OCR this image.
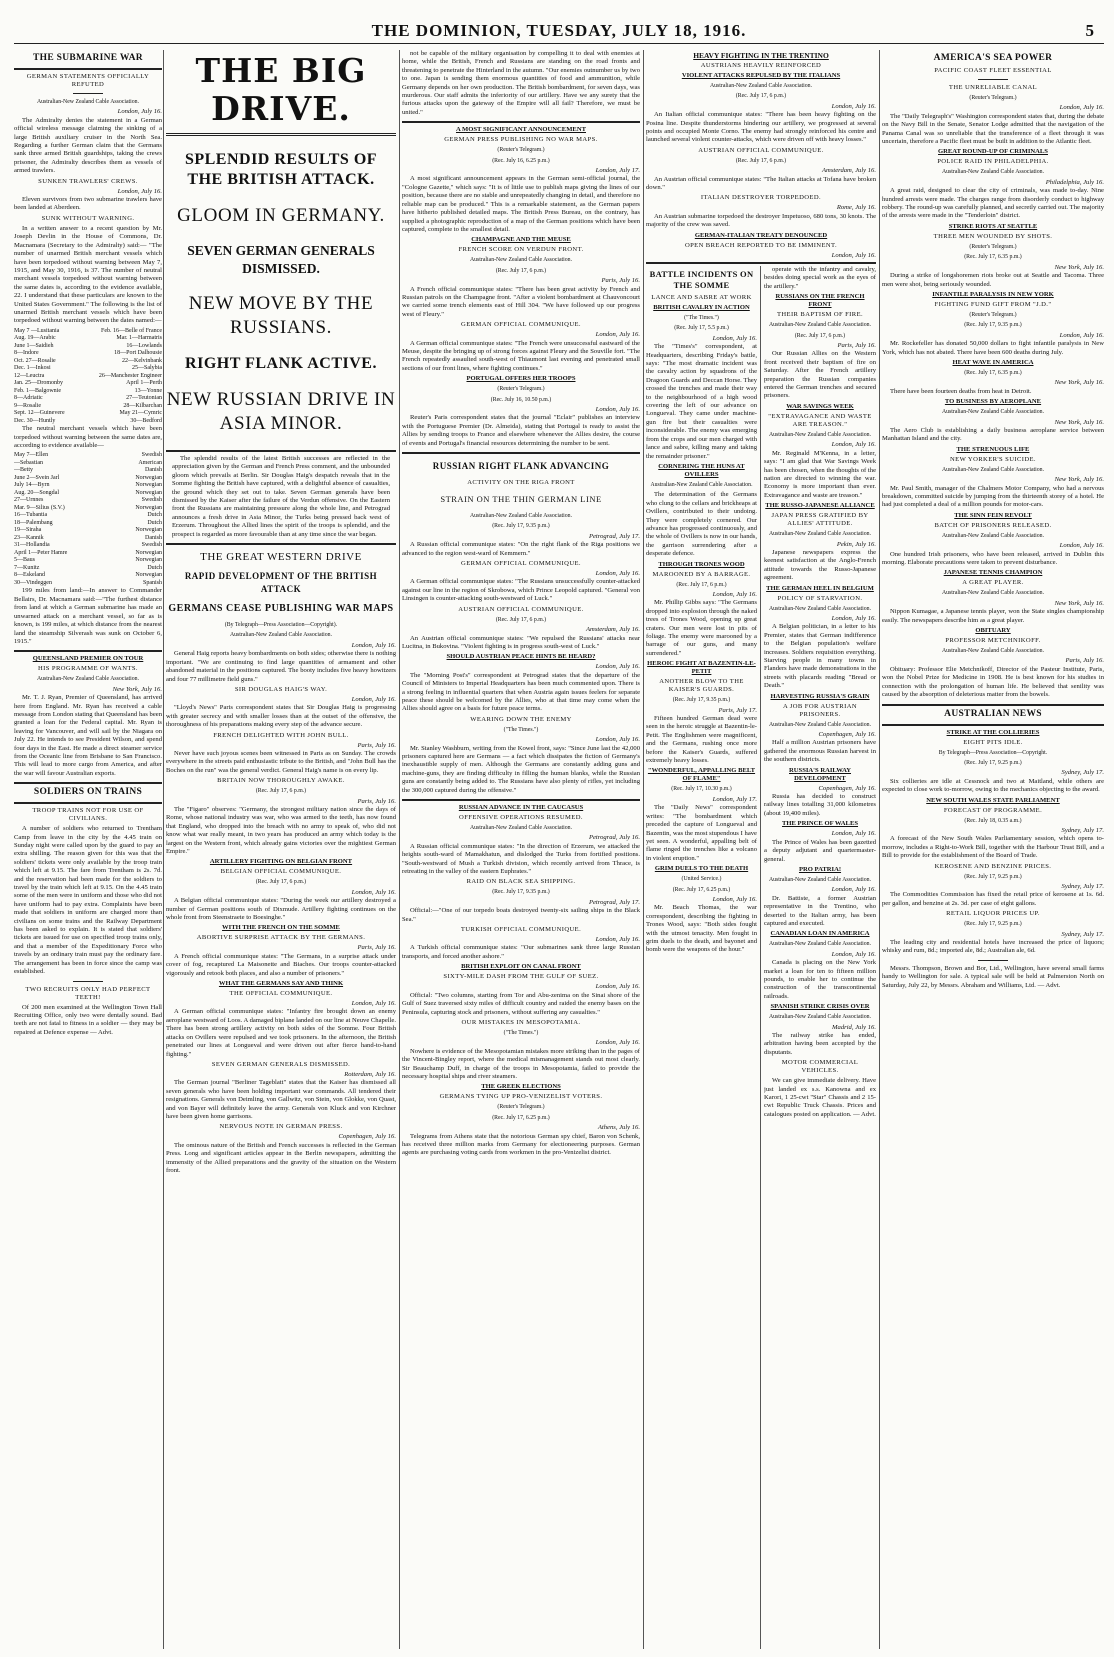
THE DOMINION, TUESDAY, JULY 18, 1916.	5
THE SUBMARINE WAR
GERMAN STATEMENTS OFFICIALLY REFUTED
Australian-New Zealand Cable Association.
London, July 16.
The Admiralty denies the statement in a German official wireless message claiming the sinking of a large British auxiliary cruiser in the North Sea. Regarding a further German claim that the Germans sank three armed British guardships, taking the crews prisoner, the Admiralty describes them as vessels of armed trawlers.
SUNKEN TRAWLERS' CREWS.
London, July 16.
Eleven survivors from two submarine trawlers have been landed at Aberdeen.
SUNK WITHOUT WARNING.
In a written answer to a recent question by Mr. Joseph Devlin in the House of Commons, Dr. Macnamara (Secretary to the Admiralty) said:— "The number of unarmed British merchant vessels which have been torpedoed without warning between May 7, 1915, and May 30, 1916, is 37. The number of neutral merchant vessels torpedoed without warning between the same dates is, according to the evidence available, 22. I understand that these particulars are known to the United States Government." The following is the list of unarmed British merchant vessels which have been torpedoed without warning between the dates named:—
May 7 —Lusitania	Feb. 16—Belle of France
Aug. 19—Arabic	Mar. 1—Harmatris
June 1—Saidieh	16—Lowlands
8—Indore	18—Port Dalhousie
Oct. 27—Rosalie	22—Kelvinbank
Dec. 1—Inkosi	25—Salybia
12—Leuctra	26—Manchester Engineer
Jan. 25—Dromonby	April 1—Perth
Feb. 1—Balgownie	13—Yonne
8—Adriatic	27—Teutonian
9—Rosalie	28—Kilbarchan
Sept. 12—Guinevere	May 21—Cymric
Dec. 30—Huntly	30—Bedford
The neutral merchant vessels which have been torpedoed without warning between the same dates are, according to evidence available—
May 7—Ellen	Swedish
—Sebastian	American
—Betty	Danish
June 2—Svein Jarl	Norwegian
July 14—Byrn	Norwegian
Aug. 20—Songdal	Norwegian
27—Urnnes	Swedish
Mar. 9—Silius (S.V.)	Norwegian
16—Tubantia	Dutch
18—Palembang	Dutch
19—Siraha	Norwegian
23—Kannik	Danish
31—Hollandia	Swedish
April 1—Peter Hamre	Norwegian
5—Baus	Norwegian
7—Kunitz	Dutch
8—Eskeland	Norwegian
30—Vindeggen	Spanish
199 miles from land:—In answer to Commander Bellairs, Dr. Macnamara said:—"The furthest distance from land at which a German submarine has made an unwarned attack on a merchant vessel, so far as is known, is 199 miles, at which distance from the nearest land the steamship Silverash was sunk on October 6, 1915."
QUEENSLAND PREMIER ON TOUR
HIS PROGRAMME OF WANTS.
Australian-New Zealand Cable Association.
New York, July 16.
Mr. T. J. Ryan, Premier of Queensland, has arrived here from England. Mr. Ryan has received a cable message from London stating that Queensland has been granted a loan for the Federal capital. Mr. Ryan is leaving for Vancouver, and will sail by the Niagara on July 22. He intends to see President Wilson, and spend four days in the East. He made a direct steamer service from the Oceanic line from Brisbane to San Francisco. This will lead to more cargo from America, and after the war will favour Australian exports.
SOLDIERS ON TRAINS
TROOP TRAINS NOT FOR USE OF CIVILIANS.
A number of soldiers who returned to Trentham Camp from leave in the city by the 4.45 train on Sunday night were called upon by the guard to pay an extra shilling. The reason given for this was that the soldiers' tickets were only available by the troop train which left at 9.15. The fare from Trentham is 2s. 7d. and the reservation had been made for the soldiers to travel by the train which left at 9.15. On the 4.45 train some of the men were in uniform and those who did not have uniform had to pay extra. Complaints have been made that soldiers in uniform are charged more than civilians on some trains and the Railway Department has been asked to explain. It is stated that soldiers' tickets are issued for use on specified troop trains only, and that a member of the Expeditionary Force who travels by an ordinary train must pay the ordinary fare. The arrangement has been in force since the camp was established.
TWO RECRUITS ONLY HAD PERFECT TEETH!
Of 200 men examined at the Wellington Town Hall Recruiting Office, only two were dentally sound. Bad teeth are not fatal to fitness in a soldier — they may be repaired at Defence expense — Advt.
THE BIG DRIVE.
SPLENDID RESULTS OF THE BRITISH ATTACK.
GLOOM IN GERMANY.
SEVEN GERMAN GENERALS DISMISSED.
NEW MOVE BY THE RUSSIANS.
RIGHT FLANK ACTIVE.
NEW RUSSIAN DRIVE IN ASIA MINOR.
The splendid results of the latest British successes are reflected in the appreciation given by the German and French Press comment, and the unbounded gloom which prevails at Berlin. Sir Douglas Haig's despatch reveals that in the Somme fighting the British have captured, with a delightful absence of casualties, the ground which they set out to take. Seven German generals have been dismissed by the Kaiser after the failure of the Verdun offensive. On the Eastern front the Russians are maintaining pressure along the whole line, and Petrograd announces a fresh drive in Asia Minor, the Turks being pressed back west of Erzerum. Throughout the Allied lines the spirit of the troops is splendid, and the prospect is regarded as more favourable than at any time since the war began.
THE GREAT WESTERN DRIVE
RAPID DEVELOPMENT OF THE BRITISH ATTACK
GERMANS CEASE PUBLISHING WAR MAPS
(By Telegraph—Press Association—Copyright).
Australian-New Zealand Cable Association.
London, July 16.
General Haig reports heavy bombardments on both sides; otherwise there is nothing important. "We are continuing to find large quantities of armament and other abandoned material in the positions captured. The booty includes five heavy howitzers and four 77 millimetre field guns."
SIR DOUGLAS HAIG'S WAY.
London, July 16.
"Lloyd's News" Paris correspondent states that Sir Douglas Haig is progressing with greater secrecy and with smaller losses than at the outset of the offensive, the thoroughness of his preparations making every step of the advance secure.
FRENCH DELIGHTED WITH JOHN BULL.
Paris, July 16.
Never have such joyous scenes been witnessed in Paris as on Sunday. The crowds everywhere in the streets paid enthusiastic tribute to the British, and "John Bull has the Boches on the run" was the general verdict. General Haig's name is on every lip.
BRITAIN NOW THOROUGHLY AWAKE.
(Rec. July 17, 6 p.m.)
Paris, July 16.
The "Figaro" observes: "Germany, the strongest military nation since the days of Rome, whose national industry was war, who was armed to the teeth, has now found that England, who dropped into the breach with no army to speak of, who did not know what war really meant, in two years has produced an army which today is the largest on the Western front, which already gains victories over the mightiest German Empire."
ARTILLERY FIGHTING ON BELGIAN FRONT
BELGIAN OFFICIAL COMMUNIQUE.
(Rec. July 17, 6 p.m.)
London, July 16.
A Belgian official communique states: "During the week our artillery destroyed a number of German positions south of Dixmude. Artillery fighting continues on the whole front from Steenstraete to Boesinghe."
WITH THE FRENCH ON THE SOMME
ABORTIVE SURPRISE ATTACK BY THE GERMANS.
Paris, July 16.
A French official communique states: "The Germans, in a surprise attack under cover of fog, recaptured La Maisonette and Biaches. Our troops counter-attacked vigorously and retook both places, and also a number of prisoners."
WHAT THE GERMANS SAY AND THINK
THE OFFICIAL COMMUNIQUE.
London, July 16.
A German official communique states: "Infantry fire brought down an enemy aeroplane westward of Loos. A damaged biplane landed on our line at Neuve Chapelle. There has been strong artillery activity on both sides of the Somme. Four British attacks on Ovillers were repulsed and we took prisoners. In the afternoon, the British penetrated our lines at Longueval and were driven out after fierce hand-to-hand fighting."
SEVEN GERMAN GENERALS DISMISSED.
Rotterdam, July 16.
The German journal "Berliner Tageblatt" states that the Kaiser has dismissed all seven generals who have been holding important war commands. All tendered their resignations. Generals von Deimling, von Gallwitz, von Stein, von Glokke, von Quast, and von Bayer will definitely leave the army. Generals von Kluck and von Kirchner have been given home garrisons.
NERVOUS NOTE IN GERMAN PRESS.
Copenhagen, July 16.
The ominous nature of the British and French successes is reflected in the German Press. Long and significant articles appear in the Berlin newspapers, admitting the immensity of the Allied preparations and the gravity of the situation on the Western front.
not be capable of the military organisation by compelling it to deal with enemies at home, while the British, French and Russians are standing on the road fronts and threatening to penetrate the Hinterland in the autumn. "Our enemies outnumber us by two to one. Japan is sending them enormous quantities of food and ammunition, while Germany depends on her own production. The British bombardment, for seven days, was murderous. Our staff admits the inferiority of our artillery. Have we any surety that the furious attacks upon the gateway of the Empire will all fail? Therefore, we must be united."
A MOST SIGNIFICANT ANNOUNCEMENT
GERMAN PRESS PUBLISHING NO WAR MAPS.
(Reuter's Telegram.)
(Rec. July 16, 6.25 p.m.)
London, July 17.
A most significant announcement appears in the German semi-official journal, the "Cologne Gazette," which says: "It is of little use to publish maps giving the lines of our position, because there are no stable and unrepeatedly changing in detail, and therefore no reliable map can be produced." This is a remarkable statement, as the German papers have hitherto published detailed maps. The British Press Bureau, on the contrary, has supplied a photographic reproduction of a map of the German positions which have been captured, complete to the smallest detail.
CHAMPAGNE AND THE MEUSE
FRENCH SCORE ON VERDUN FRONT.
Australian-New Zealand Cable Association.
(Rec. July 17, 6 p.m.)
Paris, July 16.
A French official communique states: "There has been great activity by French and Russian patrols on the Champagne front. "After a violent bombardment at Chauvoncourt we carried some trench elements east of Hill 304. "We have followed up our progress west of Fleury."
GERMAN OFFICIAL COMMUNIQUE.
London, July 16.
A German official communique states: "The French were unsuccessful eastward of the Meuse, despite the bringing up of strong forces against Fleury and the Souville fort. "The French repeatedly assaulted south-west of Thiaumont last evening and penetrated small sections of our front lines, where fighting continues."
PORTUGAL OFFERS HER TROOPS
(Reuter's Telegram.)
(Rec. July 16, 10.50 p.m.)
London, July 16.
Reuter's Paris correspondent states that the journal "Eclair" publishes an interview with the Portuguese Premier (Dr. Almeida), stating that Portugal is ready to assist the Allies by sending troops to France and elsewhere whenever the Allies desire, the course of events and Portugal's financial resources determining the number to be sent.
RUSSIAN RIGHT FLANK ADVANCING
ACTIVITY ON THE RIGA FRONT
STRAIN ON THE THIN GERMAN LINE
Australian-New Zealand Cable Association.
(Rec. July 17, 9.35 p.m.)
Petrograd, July 17.
A Russian official communique states: "On the right flank of the Riga positions we advanced to the region west-ward of Kemmern."
GERMAN OFFICIAL COMMUNIQUE.
London, July 16.
A German official communique states: "The Russians unsuccessfully counter-attacked against our line in the region of Skrobowa, which Prince Leopold captured. "General von Linsingen is counter-attacking south-westward of Luck."
AUSTRIAN OFFICIAL COMMUNIQUE.
(Rec. July 17, 6 p.m.)
Amsterdam, July 16.
An Austrian official communique states: "We repulsed the Russians' attacks near Lucitna, in Bukovina. "Violent fighting is in progress south-west of Luck."
SHOULD AUSTRIAN PEACE HINTS BE HEARD?
London, July 16.
The "Morning Post's" correspondent at Petrograd states that the departure of the Council of Ministers to Imperial Headquarters has been much commented upon. There is a strong feeling in influential quarters that when Austria again issues feelers for separate peace these should be welcomed by the Allies, who at that time may come when the Allies should agree on a basis for future peace terms.
WEARING DOWN THE ENEMY
("The Times.")
London, July 16.
Mr. Stanley Washburn, writing from the Kowel front, says: "Since June last the 42,000 prisoners captured here are Germans — a fact which dissipates the fiction of Germany's inexhaustible supply of men. Although the Germans are constantly adding guns and machine-guns, they are finding difficulty in filling the human blanks, while the Russian guns are constantly being added to. The Russians have also plenty of rifles, yet including the 300,000 captured during the offensive."
RUSSIAN ADVANCE IN THE CAUCASUS
OFFENSIVE OPERATIONS RESUMED.
Australian-New Zealand Cable Association.
Petrograd, July 16.
A Russian official communique states: "In the direction of Erzerum, we attacked the heights south-ward of Mamakhatun, and dislodged the Turks from fortified positions. "South-westward of Mush a Turkish division, which recently arrived from Thrace, is retreating in the valley of the eastern Euphrates."
RAID ON BLACK SEA SHIPPING.
(Rec. July 17, 9.35 p.m.)
Petrograd, July 17.
Official:—"One of our torpedo boats destroyed twenty-six sailing ships in the Black Sea."
TURKISH OFFICIAL COMMUNIQUE.
London, July 16.
A Turkish official communique states: "Our submarines sank three large Russian transports, and forced another ashore."
BRITISH EXPLOIT ON CANAL FRONT
SIXTY-MILE DASH FROM THE GULF OF SUEZ.
London, July 16.
Official: "Two columns, starting from Tor and Abu-zenima on the Sinai shore of the Gulf of Suez traversed sixty miles of difficult country and raided the enemy bases on the Peninsula, capturing stock and prisoners, without suffering any casualties."
OUR MISTAKES IN MESOPOTAMIA.
("The Times.")
London, July 16.
Nowhere is evidence of the Mesopotamian mistakes more striking than in the pages of the Vincent-Bingley report, where the medical mismanagement stands out most clearly. Sir Beauchamp Duff, in charge of the troops in Mesopotamia, failed to provide the necessary hospital ships and river steamers.
THE GREEK ELECTIONS
GERMANS TYING UP PRO-VENIZELIST VOTERS.
(Reuter's Telegram.)
(Rec. July 17, 6.25 p.m.)
Athens, July 16.
Telegrams from Athens state that the notorious German spy chief, Baron von Schenk, has received three million marks from Germany for electioneering purposes. German agents are purchasing voting cards from workmen in the pro-Venizelist district.
HEAVY FIGHTING IN THE TRENTINO
AUSTRIANS HEAVILY REINFORCED
VIOLENT ATTACKS REPULSED BY THE ITALIANS
Australian-New Zealand Cable Association.
(Rec. July 17, 6 p.m.)
London, July 16.
An Italian official communique states: "There has been heavy fighting on the Posina line. Despite thunderstorms hindering our artillery, we progressed at several points and occupied Monte Corno. The enemy had strongly reinforced his centre and launched several violent counter-attacks, which were driven off with heavy losses."
AUSTRIAN OFFICIAL COMMUNIQUE.
(Rec. July 17, 6 p.m.)
Amsterdam, July 16.
An Austrian official communique states: "The Italian attacks at Tofana have broken down."
ITALIAN DESTROYER TORPEDOED.
Rome, July 16.
An Austrian submarine torpedoed the destroyer Impetuoso, 680 tons, 30 knots. The majority of the crew was saved.
GERMAN-ITALIAN TREATY DENOUNCED
OPEN BREACH REPORTED TO BE IMMINENT.
London, July 16.
BATTLE INCIDENTS ON THE SOMME
LANCE AND SABRE AT WORK
BRITISH CAVALRY IN ACTION
("The Times.")
(Rec. July 17, 5.5 p.m.)
London, July 16.
The "Times's" correspondent, at Headquarters, describing Friday's battle, says: "The most dramatic incident was the cavalry action by squadrons of the Dragoon Guards and Deccan Horse. They crossed the trenches and made their way to the neighbourhood of a high wood covering the left of our advance on Longueval. They came under machine-gun fire but their casualties were inconsiderable. The enemy was emerging from the crops and our men charged with lance and sabre, killing many and taking the remainder prisoner."
CORNERING THE HUNS AT OVILLERS
Australian-New Zealand Cable Association.
The determination of the Germans who clung to the cellars and brickheaps at Ovillers, contributed to their undoing. They were completely cornered. Our advance has progressed continuously, and the whole of Ovillers is now in our hands, the garrison surrendering after a desperate defence.
THROUGH TRONES WOOD
MAROONED BY A BARRAGE.
(Rec. July 17, 6 p.m.)
London, July 16.
Mr. Phillip Gibbs says: "The Germans dropped into explosion through the naked trees of Trones Wood, opening up great craters. Our men were lost in pits of foliage. The enemy were marooned by a barrage of our guns, and many surrendered."
HEROIC FIGHT AT BAZENTIN-LE-PETIT
ANOTHER BLOW TO THE KAISER'S GUARDS.
(Rec. July 17, 9.35 p.m.)
Paris, July 17.
Fifteen hundred German dead were seen in the heroic struggle at Bazentin-le-Petit. The Englishmen were magnificent, and the Germans, rushing once more before the Kaiser's Guards, suffered extremely heavy losses.
"WONDERFUL, APPALLING BELT OF FLAME"
(Rec. July 17, 10.30 p.m.)
London, July 17.
The "Daily News" correspondent writes: "The bombardment which preceded the capture of Longueval and Bazentin, was the most stupendous I have yet seen. A wonderful, appalling belt of flame ringed the trenches like a volcano in violent eruption."
GRIM DUELS TO THE DEATH
(United Service.)
(Rec. July 17, 6.25 p.m.)
London, July 16.
Mr. Beach Thomas, the war correspondent, describing the fighting in Trones Wood, says: "Both sides fought with the utmost tenacity. Men fought in grim duels to the death, and bayonet and bomb were the weapons of the hour."
operate with the infantry and cavalry, besides doing special work as the eyes of the artillery."
RUSSIANS ON THE FRENCH FRONT
THEIR BAPTISM OF FIRE.
Australian-New Zealand Cable Association.
(Rec. July 17, 6 p.m.)
Paris, July 16.
Our Russian Allies on the Western front received their baptism of fire on Saturday. After the French artillery preparation the Russian companies entered the German trenches and secured prisoners.
WAR SAVINGS WEEK
"EXTRAVAGANCE AND WASTE ARE TREASON."
Australian-New Zealand Cable Association.
London, July 16.
Mr. Reginald M'Kenna, in a letter, says: "I am glad that War Savings Week has been chosen, when the thoughts of the nation are directed to winning the war. Economy is more important than ever. Extravagance and waste are treason."
THE RUSSO-JAPANESE ALLIANCE
JAPAN PRESS GRATIFIED BY ALLIES' ATTITUDE.
Australian-New Zealand Cable Association.
Pekin, July 16.
Japanese newspapers express the keenest satisfaction at the Anglo-French attitude towards the Russo-Japanese agreement.
THE GERMAN HEEL IN BELGIUM
POLICY OF STARVATION.
Australian-New Zealand Cable Association.
London, July 16.
A Belgian politician, in a letter to his Premier, states that German indifference to the Belgian population's welfare increases. Soldiers requisition everything. Starving people in many towns in Flanders have made demonstrations in the streets with placards reading "Bread or Death."
HARVESTING RUSSIA'S GRAIN
A JOB FOR AUSTRIAN PRISONERS.
Australian-New Zealand Cable Association.
Copenhagen, July 16.
Half a million Austrian prisoners have gathered the enormous Russian harvest in the southern districts.
RUSSIA'S RAILWAY DEVELOPMENT
Copenhagen, July 16.
Russia has decided to construct railway lines totalling 31,000 kilometres (about 19,400 miles).
THE PRINCE OF WALES
London, July 16.
The Prince of Wales has been gazetted a deputy adjutant and quartermaster-general.
PRO PATRIA!
Australian-New Zealand Cable Association.
London, July 16.
Dr. Battiste, a former Austrian representative in the Trentino, who deserted to the Italian army, has been captured and executed.
CANADIAN LOAN IN AMERICA
Australian-New Zealand Cable Association.
London, July 16.
Canada is placing on the New York market a loan for ten to fifteen million pounds, to enable her to continue the construction of the transcontinental railroads.
SPANISH STRIKE CRISIS OVER
Australian-New Zealand Cable Association.
Madrid, July 16.
The railway strike has ended, arbitration having been accepted by the disputants.
MOTOR COMMERCIAL VEHICLES.
We can give immediate delivery. Have just landed ex s.s. Kanowna and ex Karori, 1 25-cwt "Star" Chassis and 2 15-cwt Republic Truck Chassis. Prices and catalogues posted on application. — Advt.
AMERICA'S SEA POWER
PACIFIC COAST FLEET ESSENTIAL
THE UNRELIABLE CANAL
(Reuter's Telegram.)
London, July 16.
The "Daily Telegraph's" Washington correspondent states that, during the debate on the Navy Bill in the Senate, Senator Lodge admitted that the navigation of the Panama Canal was so unreliable that the transference of a fleet through it was uncertain, therefore a Pacific fleet must be built in addition to the Atlantic fleet.
GREAT ROUND-UP OF CRIMINALS
POLICE RAID IN PHILADELPHIA.
Australian-New Zealand Cable Association.
Philadelphia, July 16.
A great raid, designed to clear the city of criminals, was made to-day. Nine hundred arrests were made. The charges range from disorderly conduct to highway robbery. The round-up was carefully planned, and secretly carried out. The majority of the arrests were made in the "Tenderloin" district.
STRIKE RIOTS AT SEATTLE
THREE MEN WOUNDED BY SHOTS.
(Reuter's Telegram.)
(Rec. July 17, 6.35 p.m.)
New York, July 16.
During a strike of longshoremen riots broke out at Seattle and Tacoma. Three men were shot, being seriously wounded.
INFANTILE PARALYSIS IN NEW YORK
FIGHTING FUND GIFT FROM "J.D."
(Reuter's Telegram.)
(Rec. July 17, 9.35 p.m.)
London, July 16.
Mr. Rockefeller has donated 50,000 dollars to fight infantile paralysis in New York, which has not abated. There have been 600 deaths during July.
HEAT WAVE IN AMERICA
(Rec. July 17, 6.35 p.m.)
New York, July 16.
There have been fourteen deaths from heat in Detroit.
TO BUSINESS BY AEROPLANE
Australian-New Zealand Cable Association.
New York, July 16.
The Aero Club is establishing a daily business aeroplane service between Manhattan Island and the city.
THE STRENUOUS LIFE
NEW YORKER'S SUICIDE.
Australian-New Zealand Cable Association.
New York, July 16.
Mr. Paul Smith, manager of the Chalmers Motor Company, who had a nervous breakdown, committed suicide by jumping from the thirteenth storey of a hotel. He had just completed a deal of a million pounds for motor-cars.
THE SINN FEIN REVOLT
BATCH OF PRISONERS RELEASED.
Australian-New Zealand Cable Association.
London, July 16.
One hundred Irish prisoners, who have been released, arrived in Dublin this morning. Elaborate precautions were taken to prevent disturbance.
JAPANESE TENNIS CHAMPION
A GREAT PLAYER.
Australian-New Zealand Cable Association.
New York, July 16.
Nippon Kumagae, a Japanese tennis player, won the State singles championship easily. The newspapers describe him as a great player.
OBITUARY
PROFESSOR METCHNIKOFF.
Australian-New Zealand Cable Association.
Paris, July 16.
Obituary: Professor Elie Metchnikoff, Director of the Pasteur Institute, Paris, won the Nobel Prize for Medicine in 1908. He is best known for his studies in connection with the prolongation of human life. He believed that senility was caused by the absorption of deleterious matter from the bowels.
AUSTRALIAN NEWS
STRIKE AT THE COLLIERIES
EIGHT PITS IDLE.
By Telegraph—Press Association—Copyright.
(Rec. July 17, 9.25 p.m.)
Sydney, July 17.
Six collieries are idle at Cessnock and two at Maitland, while others are expected to close work to-morrow, owing to the mechanics objecting to the award.
NEW SOUTH WALES STATE PARLIAMENT
FORECAST OF PROGRAMME.
(Rec. July 18, 0.35 a.m.)
Sydney, July 17.
A forecast of the New South Wales Parliamentary session, which opens to-morrow, includes a Right-to-Work Bill, together with the Harbour Trust Bill, and a Bill to provide for the establishment of the Board of Trade.
KEROSENE AND BENZINE PRICES.
(Rec. July 17, 9.25 p.m.)
Sydney, July 17.
The Commodities Commission has fixed the retail price of kerosene at 1s. 6d. per gallon, and benzine at 2s. 3d. per case of eight gallons.
RETAIL LIQUOR PRICES UP.
(Rec. July 17, 9.25 p.m.)
Sydney, July 17.
The leading city and residential hotels have increased the price of liquors; whisky and rum, 8d.; imported ale, 8d.; Australian ale, 6d.
Messrs. Thompson, Brown and Bor, Ltd., Wellington, have several small farms handy to Wellington for sale. A typical sale will be held at Palmerston North on Saturday, July 22, by Messrs. Abraham and Williams, Ltd. — Advt.
